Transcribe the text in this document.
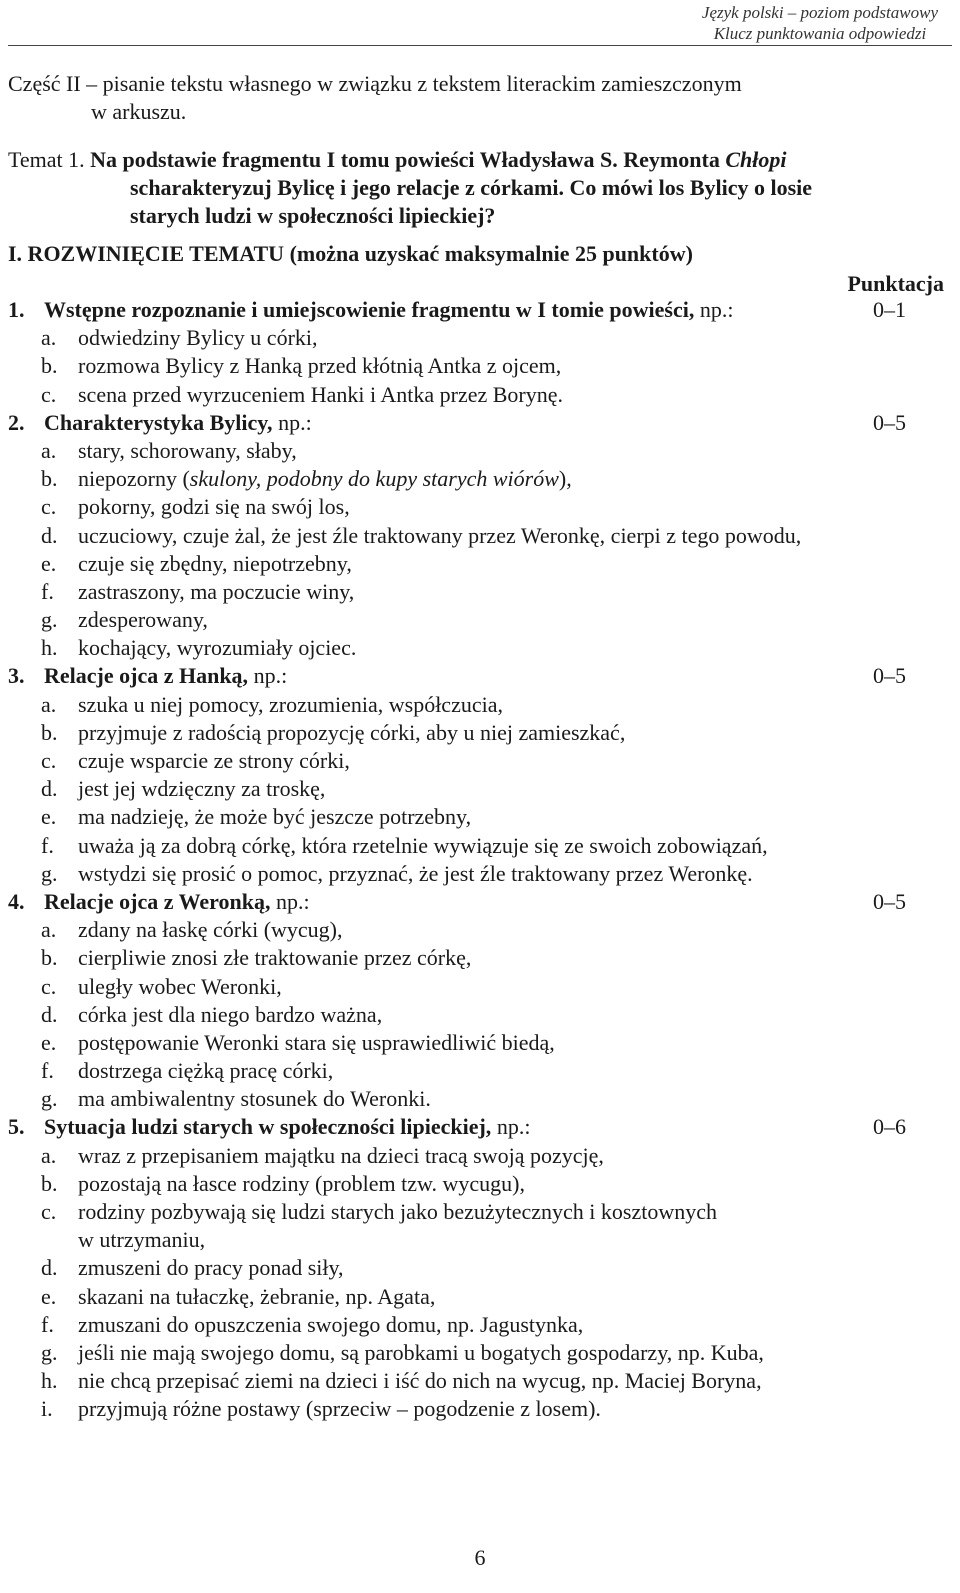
Język polski – poziom podstawowy
Klucz punktowania odpowiedzi
Część II – pisanie tekstu własnego w związku z tekstem literackim zamieszczonym
w arkuszu.
Temat 1. Na podstawie fragmentu I tomu powieści Władysława S. Reymonta Chłopi
scharakteryzuj Bylicę i jego relacje z córkami. Co mówi los Bylicy o losie
starych ludzi w społeczności lipieckiej?
I. ROZWINIĘCIE TEMATU (można uzyskać maksymalnie 25 punktów)
Punktacja
1. Wstępne rozpoznanie i umiejscowienie fragmentu w I tomie powieści, np.:	0–1
a. odwiedziny Bylicy u córki,
b. rozmowa Bylicy z Hanką przed kłótnią Antka z ojcem,
c. scena przed wyrzuceniem Hanki i Antka przez Borynę.
2. Charakterystyka Bylicy, np.:	0–5
a. stary, schorowany, słaby,
b. niepozorny (skulony, podobny do kupy starych wiórów),
c. pokorny, godzi się na swój los,
d. uczuciowy, czuje żal, że jest źle traktowany przez Weronkę, cierpi z tego powodu,
e. czuje się zbędny, niepotrzebny,
f. zastraszony, ma poczucie winy,
g. zdesperowany,
h. kochający, wyrozumiały ojciec.
3. Relacje ojca z Hanką, np.:	0–5
a. szuka u niej pomocy, zrozumienia, współczucia,
b. przyjmuje z radością propozycję córki, aby u niej zamieszkać,
c. czuje wsparcie ze strony córki,
d. jest jej wdzięczny za troskę,
e. ma nadzieję, że może być jeszcze potrzebny,
f. uważa ją za dobrą córkę, która rzetelnie wywiązuje się ze swoich zobowiązań,
g. wstydzi się prosić o pomoc, przyznać, że jest źle traktowany przez Weronkę.
4. Relacje ojca z Weronką, np.:	0–5
a. zdany na łaskę córki (wycug),
b. cierpliwie znosi złe traktowanie przez córkę,
c. uległy wobec Weronki,
d. córka jest dla niego bardzo ważna,
e. postępowanie Weronki stara się usprawiedliwić biedą,
f. dostrzega ciężką pracę córki,
g. ma ambiwalentny stosunek do Weronki.
5. Sytuacja ludzi starych w społeczności lipieckiej, np.:	0–6
a. wraz z przepisaniem majątku na dzieci tracą swoją pozycję,
b. pozostają na łasce rodziny (problem tzw. wycugu),
c. rodziny pozbywają się ludzi starych jako bezużytecznych i kosztownych
w utrzymaniu,
d. zmuszeni do pracy ponad siły,
e. skazani na tułaczkę, żebranie, np. Agata,
f. zmuszani do opuszczenia swojego domu, np. Jagustynka,
g. jeśli nie mają swojego domu, są parobkami u bogatych gospodarzy, np. Kuba,
h. nie chcą przepisać ziemi na dzieci i iść do nich na wycug, np. Maciej Boryna,
i. przyjmują różne postawy (sprzeciw – pogodzenie z losem).
6
